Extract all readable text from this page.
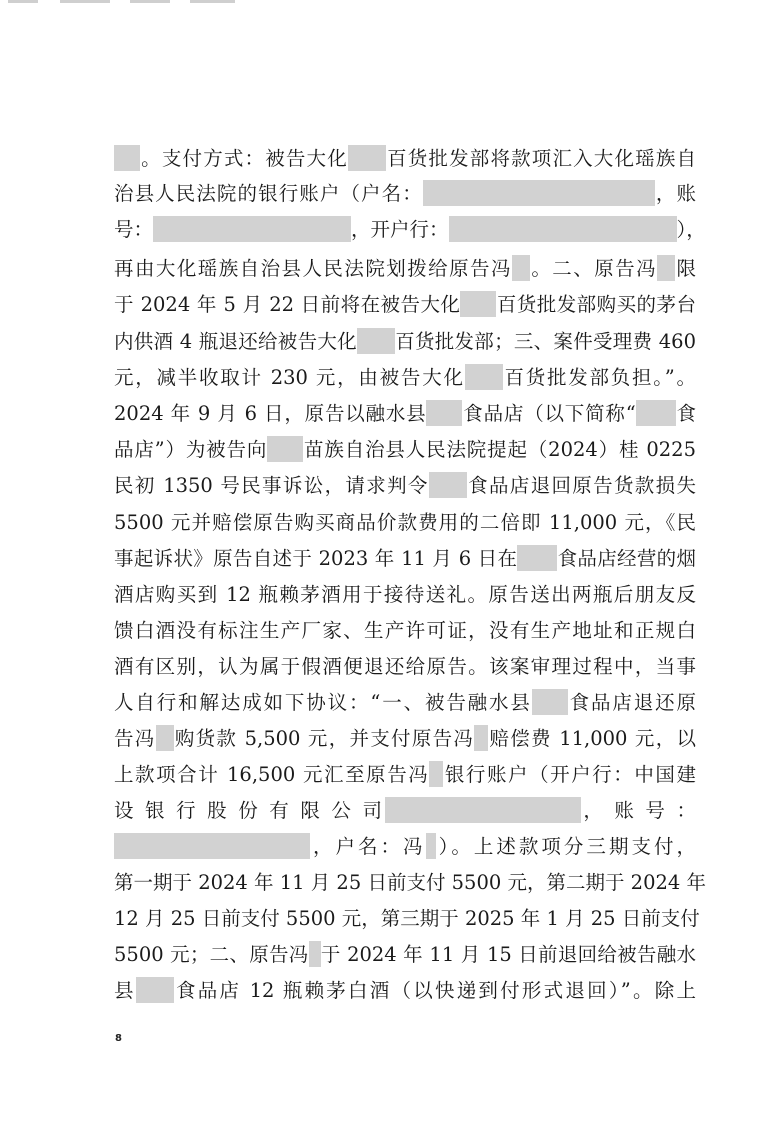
。支付方式：被告大化 百货批发部将款项汇入大化瑶族自
治县人民法院的银行账户（户名：	，账
号：	，开户行：	），
再由大化瑶族自治县人民法院划拨给原告冯 。二、原告冯 限
于 2024 年 5 月 22 日前将在被告大化 百货批发部购买的茅台
内供酒 4 瓶退还给被告大化 百货批发部；三、案件受理费 460
元，减半收取计 230 元，由被告大化 百货批发部负担。”。
2024 年 9 月 6 日，原告以融水县 食品店（以下简称“ 食
品店”）为被告向 苗族自治县人民法院提起（2024）桂 0225
民初 1350 号民事诉讼，请求判令 食品店退回原告货款损失
5500 元并赔偿原告购买商品价款费用的二倍即 11,000 元，《民
事起诉状》原告自述于 2023 年 11 月 6 日在 食品店经营的烟
酒店购买到 12 瓶赖茅酒用于接待送礼。原告送出两瓶后朋友反
馈白酒没有标注生产厂家、生产许可证，没有生产地址和正规白
酒有区别，认为属于假酒便退还给原告。该案审理过程中，当事
人自行和解达成如下协议：“一、被告融水县 食品店退还原
告冯 购货款 5,500 元，并支付原告冯 赔偿费 11,000 元，以
上款项合计 16,500 元汇至原告冯 银行账户（开户行：中国建
设 银 行 股 份 有 限 公 司	， 账 号 ：
，户名：冯 ）。上述款项分三期支付，
第一期于 2024 年 11 月 25 日前支付 5500 元，第二期于 2024 年
12 月 25 日前支付 5500 元，第三期于 2025 年 1 月 25 日前支付
5500 元；二、原告冯 于 2024 年 11 月 15 日前退回给被告融水
县 食品店 12 瓶赖茅白酒（以快递到付形式退回）”。除上
8
